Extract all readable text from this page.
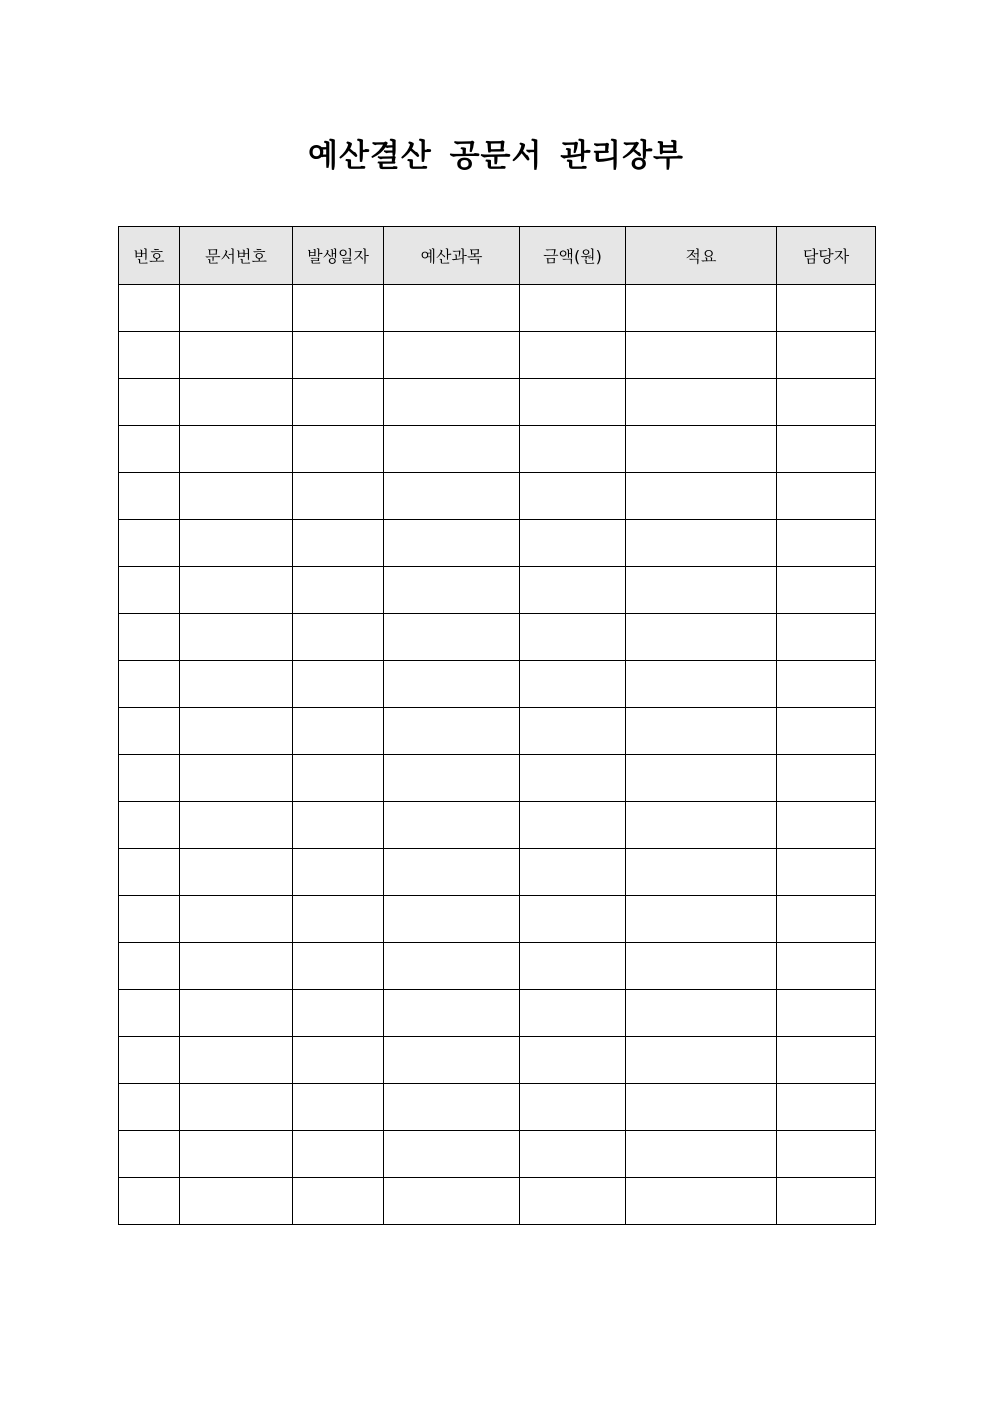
예산결산 공문서 관리장부
번호	문서번호	발생일자	예산과목	금액(원)	적요	담당자
